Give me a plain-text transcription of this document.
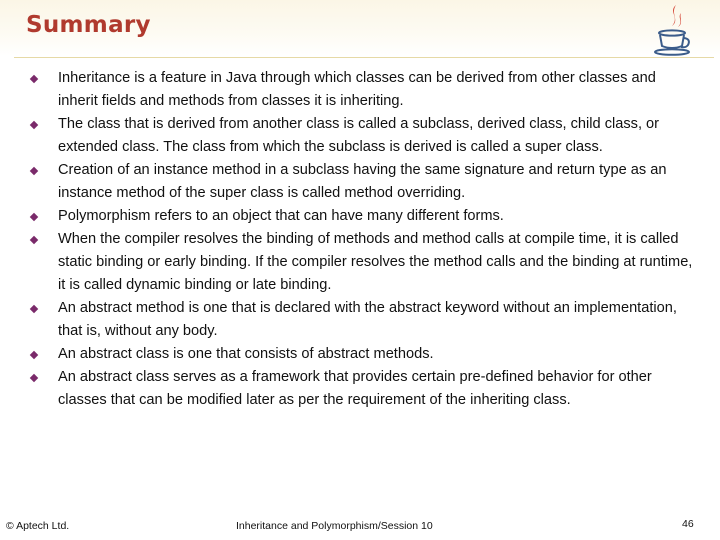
Summary
Inheritance is a feature in Java through which classes can be derived from other classes and inherit fields and methods from classes it is inheriting.
The class that is derived from another class is called a subclass, derived class, child class, or extended class. The class from which the subclass is derived is called a super class.
Creation of an instance method in a subclass having the same signature and return type as an instance method of the super class is called method overriding.
Polymorphism refers to an object that can have many different forms.
When the compiler resolves the binding of methods and method calls at compile time, it is called static binding or early binding. If the compiler resolves the method calls and the binding at runtime, it is called dynamic binding or late binding.
An abstract method is one that is declared with the abstract keyword without an implementation, that is, without any body.
An abstract class is one that consists of abstract methods.
An abstract class serves as a framework that provides certain pre-defined behavior for other classes that can be modified later as per the requirement of the inheriting class.
© Aptech Ltd.	Inheritance and Polymorphism/Session 10	46
